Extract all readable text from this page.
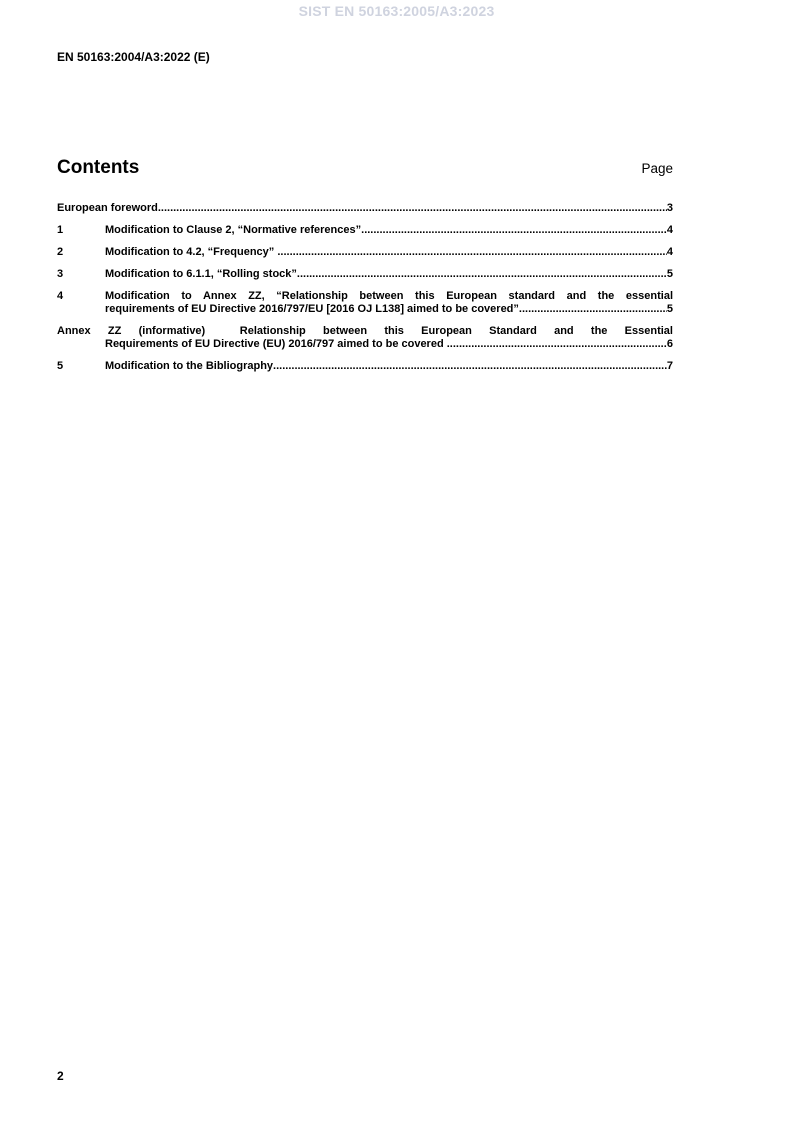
SIST EN 50163:2005/A3:2023
EN 50163:2004/A3:2022 (E)
Contents	Page
European foreword .....	3
1	Modification to Clause 2, “Normative references” .....	4
2	Modification to 4.2, “Frequency” .....	4
3	Modification to 6.1.1, “Rolling stock” .....	5
4	Modification to Annex ZZ, “Relationship between this European standard and the essential
requirements of EU Directive 2016/797/EU [2016 OJ L138] aimed to be covered” .....	5
Annex ZZ (informative)  Relationship between this European Standard and the Essential
Requirements of EU Directive (EU) 2016/797 aimed to be covered .....	6
5	Modification to the Bibliography .....	7
2
